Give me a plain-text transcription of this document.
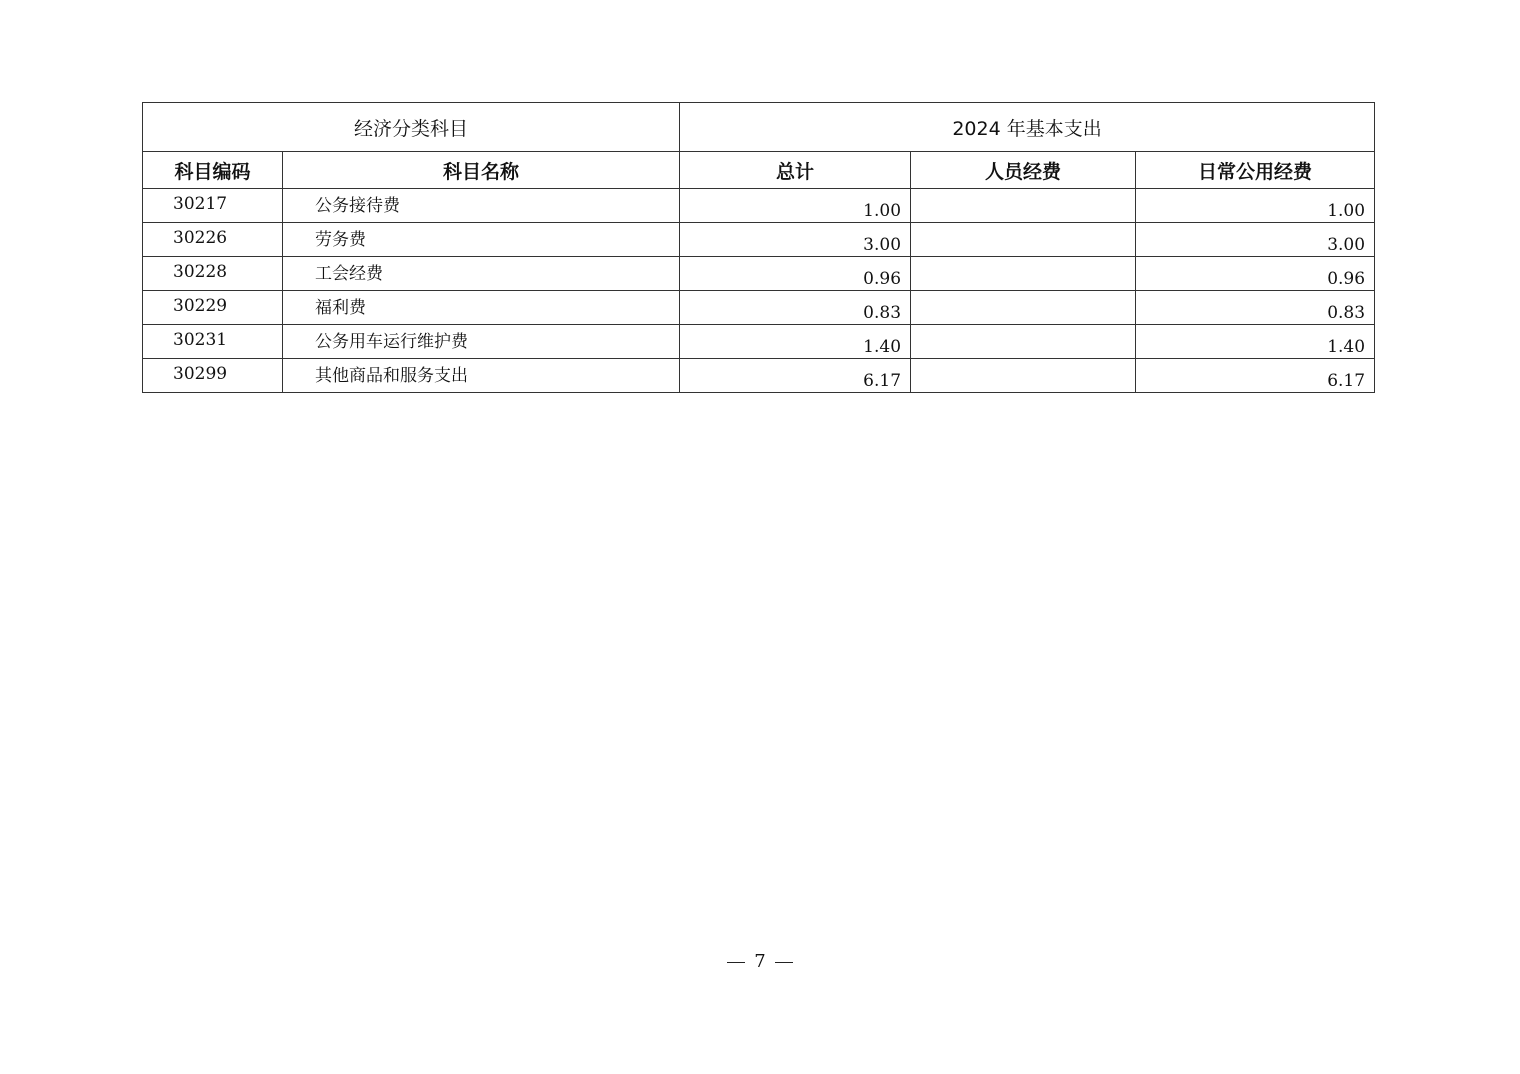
经济分类科目		2024 年基本支出		
科目编码	科目名称	总计	人员经费	日常公用经费
30217	公务接待费	1.00		1.00
30226	劳务费	3.00		3.00
30228	工会经费	0.96		0.96
30229	福利费	0.83		0.83
30231	公务用车运行维护费	1.40		1.40
30299	其他商品和服务支出	6.17		6.17
7
